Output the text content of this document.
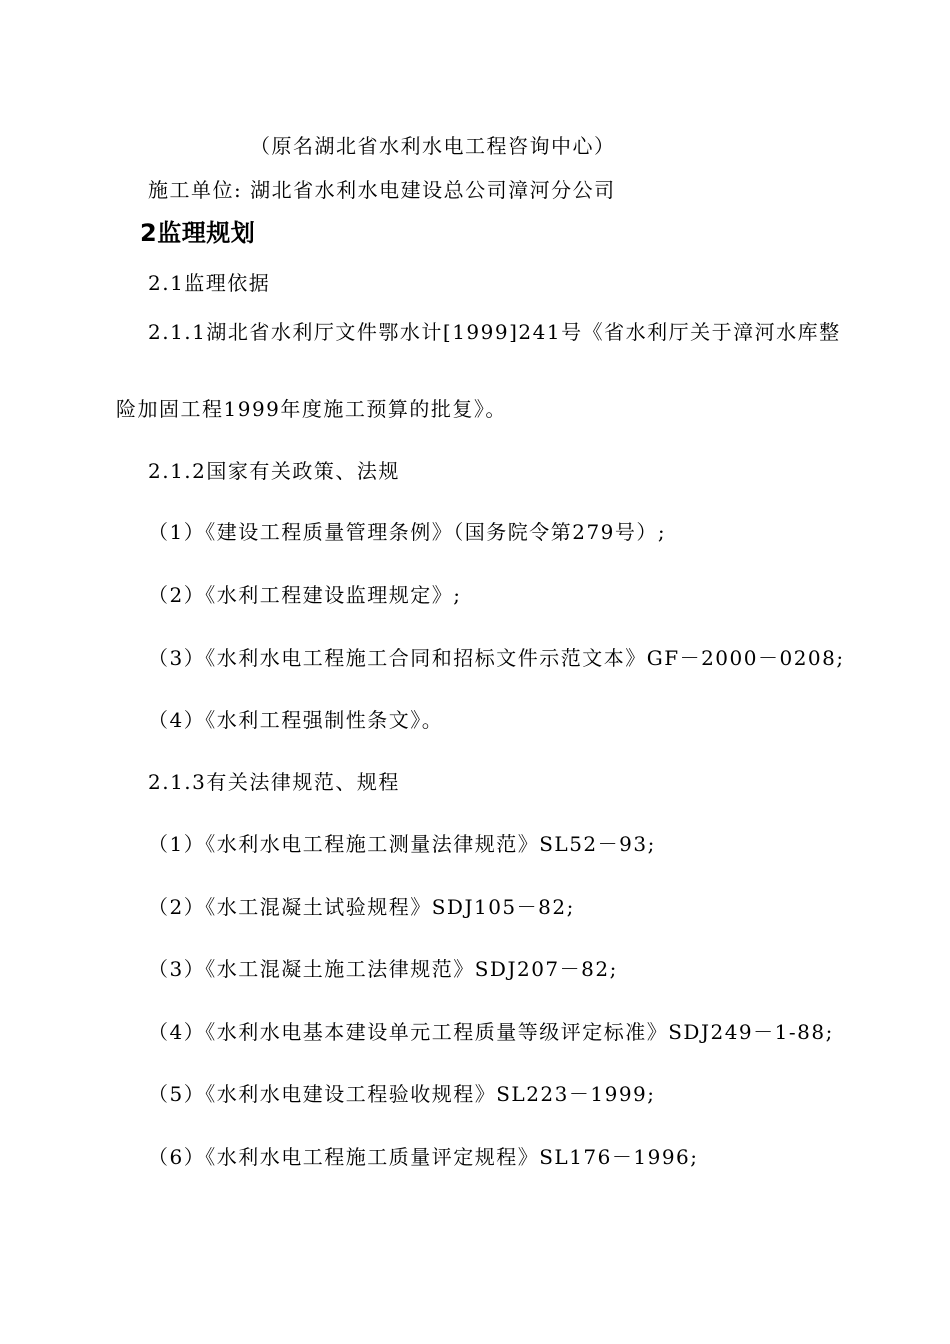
（原名湖北省水利水电工程咨询中心）
施工单位: 湖北省水利水电建设总公司漳河分公司
2监理规划
2.1监理依据
2.1.1湖北省水利厅文件鄂水计[1999]241号《省水利厅关于漳河水库整
险加固工程1999年度施工预算的批复》。
2.1.2国家有关政策、法规
（1）《建设工程质量管理条例》（国务院令第279号）;
（2）《水利工程建设监理规定》;
（3）《水利水电工程施工合同和招标文件示范文本》GF－2000－0208;
（4）《水利工程强制性条文》。
2.1.3有关法律规范、规程
（1）《水利水电工程施工测量法律规范》SL52－93;
（2）《水工混凝土试验规程》SDJ105－82;
（3）《水工混凝土施工法律规范》SDJ207－82;
（4）《水利水电基本建设单元工程质量等级评定标准》SDJ249－1-88;
（5）《水利水电建设工程验收规程》SL223－1999;
（6）《水利水电工程施工质量评定规程》SL176－1996;
